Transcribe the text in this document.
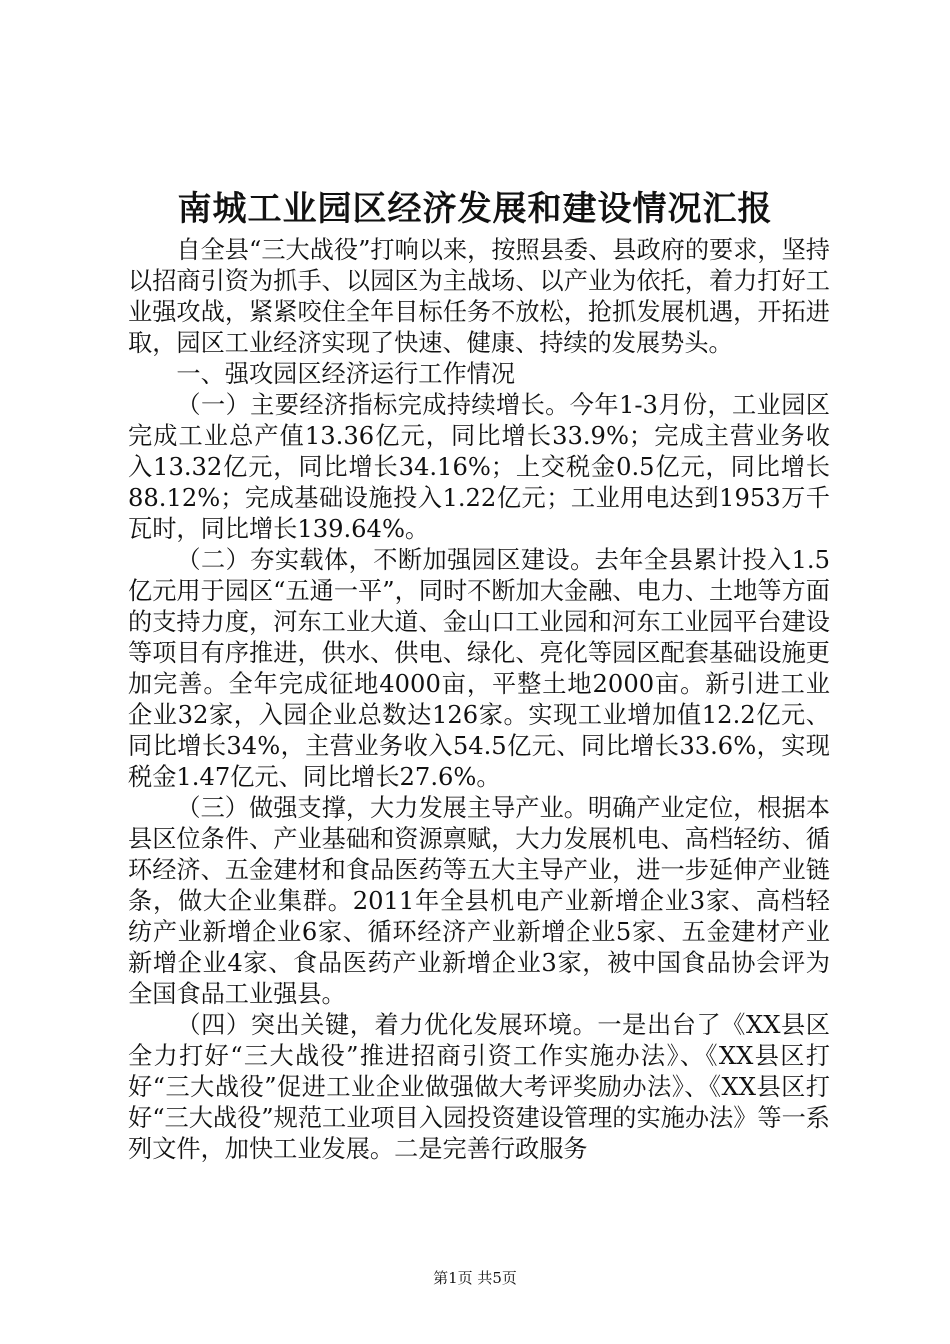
南城工业园区经济发展和建设情况汇报

自全县“三大战役”打响以来，按照县委、县政府的要求，坚持以招商引资为抓手、以园区为主战场、以产业为依托，着力打好工业强攻战，紧紧咬住全年目标任务不放松，抢抓发展机遇，开拓进取，园区工业经济实现了快速、健康、持续的发展势头。

一、强攻园区经济运行工作情况

（一）主要经济指标完成持续增长。今年1-3月份，工业园区完成工业总产值13.36亿元，同比增长33.9%；完成主营业务收入13.32亿元，同比增长34.16%；上交税金0.5亿元，同比增长88.12%；完成基础设施投入1.22亿元；工业用电达到1953万千瓦时，同比增长139.64%。

（二）夯实载体，不断加强园区建设。去年全县累计投入1.5亿元用于园区“五通一平”，同时不断加大金融、电力、土地等方面的支持力度，河东工业大道、金山口工业园和河东工业园平台建设等项目有序推进，供水、供电、绿化、亮化等园区配套基础设施更加完善。全年完成征地4000亩，平整土地2000亩。新引进工业企业32家，入园企业总数达126家。实现工业增加值12.2亿元、同比增长34%，主营业务收入54.5亿元、同比增长33.6%，实现税金1.47亿元、同比增长27.6%。

（三）做强支撑，大力发展主导产业。明确产业定位，根据本县区位条件、产业基础和资源禀赋，大力发展机电、高档轻纺、循环经济、五金建材和食品医药等五大主导产业，进一步延伸产业链条，做大企业集群。2011年全县机电产业新增企业3家、高档轻纺产业新增企业6家、循环经济产业新增企业5家、五金建材产业新增企业4家、食品医药产业新增企业3家，被中国食品协会评为全国食品工业强县。

（四）突出关键，着力优化发展环境。一是出台了《XX县区全力打好“三大战役”推进招商引资工作实施办法》、《XX县区打好“三大战役”促进工业企业做强做大考评奖励办法》、《XX县区打好“三大战役”规范工业项目入园投资建设管理的实施办法》等一系列文件，加快工业发展。二是完善行政服务

第1页 共5页
